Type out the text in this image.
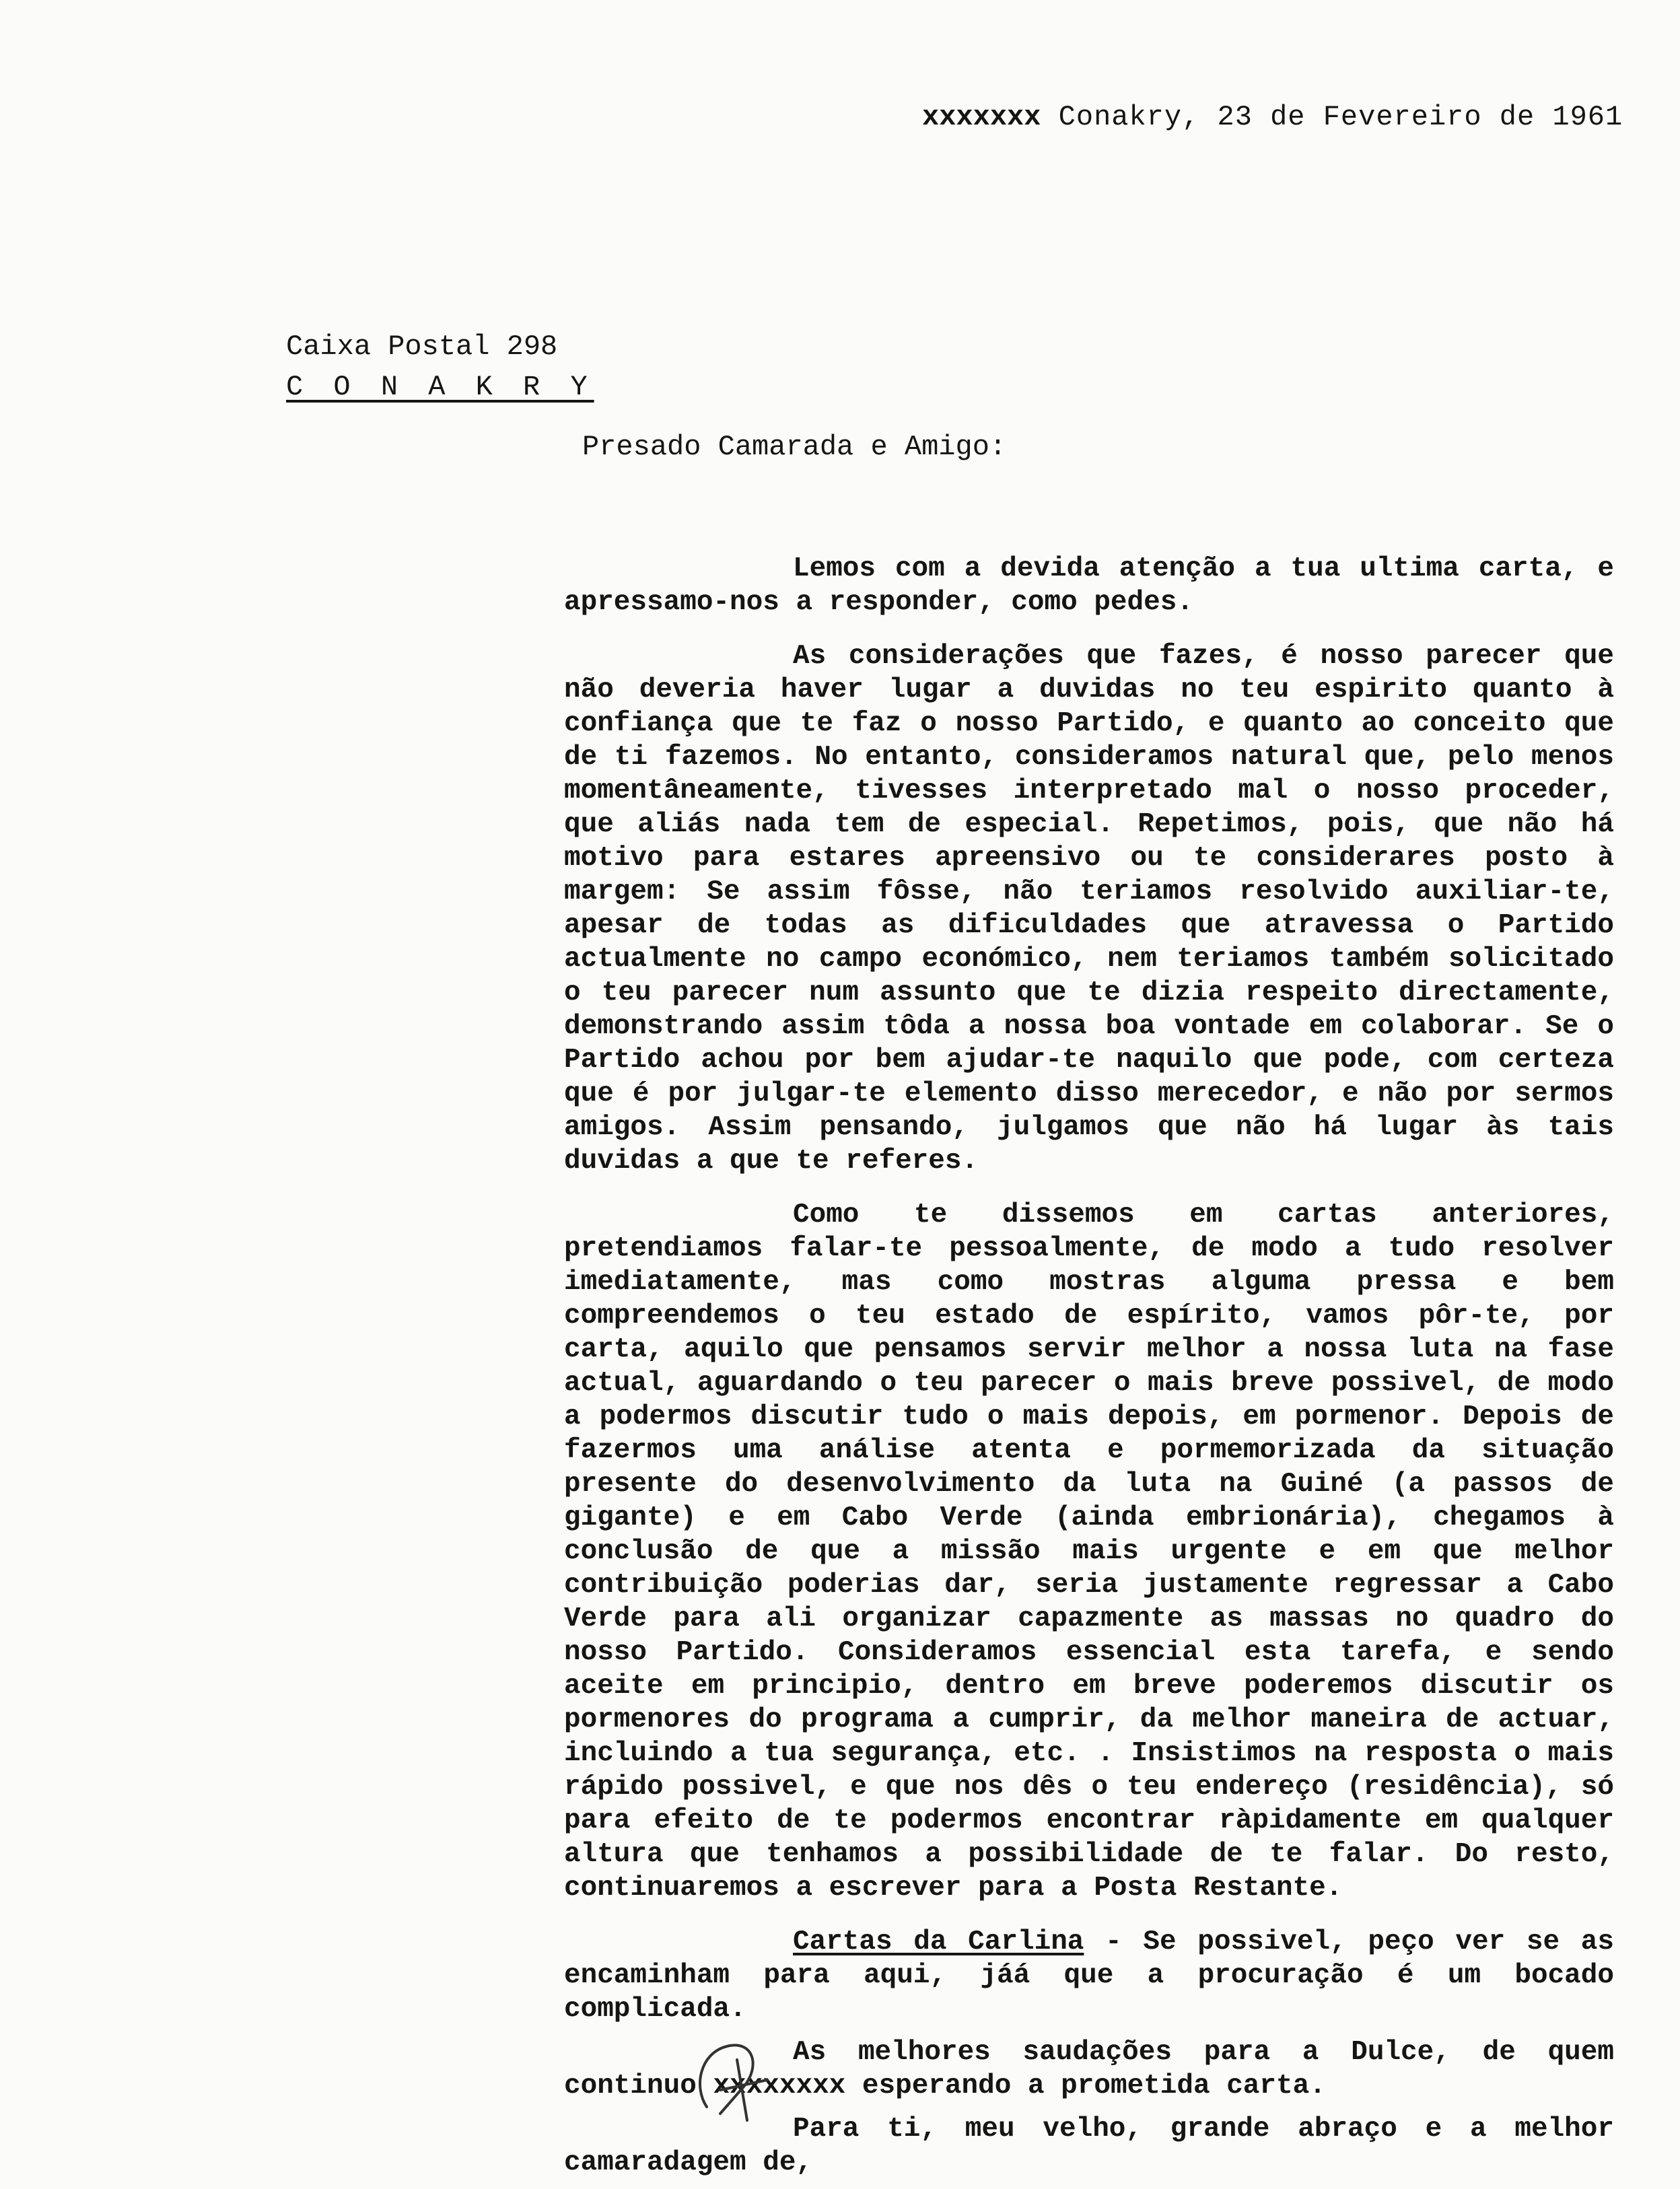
xxxxxxx Conakry, 23 de Fevereiro de 1961
Caixa Postal 298
C O N A K R Y
Presado Camarada e Amigo:

Lemos com a devida atenção a tua ultima carta, e apressamo-nos a responder, como pedes.

As considerações que fazes, é nosso parecer que não deveria haver lugar a duvidas no teu espirito quanto à confiança que te faz o nosso Partido, e quanto ao conceito que de ti fazemos. No entanto, consideramos natural que, pelo menos momentâneamente, tivesses interpretado mal o nosso proceder, que aliás nada tem de especial. Repetimos, pois, que não há motivo para estares apreensivo ou te considerares posto à margem: Se assim fôsse, não teriamos resolvido auxiliar-te, apesar de todas as dificuldades que atravessa o Partido actualmente no campo económico, nem teriamos também solicitado o teu parecer num assunto que te dizia respeito directamente, demonstrando assim tôda a nossa boa vontade em colaborar. Se o Partido achou por bem ajudar-te naquilo que pode, com certeza que é por julgar-te elemento disso merecedor, e não por sermos amigos. Assim pensando, julgamos que não há lugar às tais duvidas a que te referes.

Como te dissemos em cartas anteriores, pretendiamos falar-te pessoalmente, de modo a tudo resolver imediatamente, mas como mostras alguma pressa e bem compreendemos o teu estado de espírito, vamos pôr-te, por carta, aquilo que pensamos servir melhor a nossa luta na fase actual, aguardando o teu parecer o mais breve possivel, de modo a podermos discutir tudo o mais depois, em pormenor. Depois de fazermos uma análise atenta e pormemorizada da situação presente do desenvolvimento da luta na Guiné (a passos de gigante) e em Cabo Verde (ainda embrionária), chegamos à conclusão de que a missão mais urgente e em que melhor contribuição poderias dar, seria justamente regressar a Cabo Verde para ali organizar capazmente as massas no quadro do nosso Partido. Consideramos essencial esta tarefa, e sendo aceite em principio, dentro em breve poderemos discutir os pormenores do programa a cumprir, da melhor maneira de actuar, incluindo a tua segurança, etc. . Insistimos na resposta o mais rápido possivel, e que nos dês o teu endereço (residência), só para efeito de te podermos encontrar ràpidamente em qualquer altura que tenhamos a possibilidade de te falar. Do resto, continuaremos a escrever para a Posta Restante.

Cartas da Carlina - Se possivel, peço ver se as encaminham para aqui, jáá que a procuração é um bocado complicada.

As melhores saudações para a Dulce, de quem continuo xxxxxxxx esperando a prometida carta.

Para ti, meu velho, grande abraço e a melhor camaradagem de,
